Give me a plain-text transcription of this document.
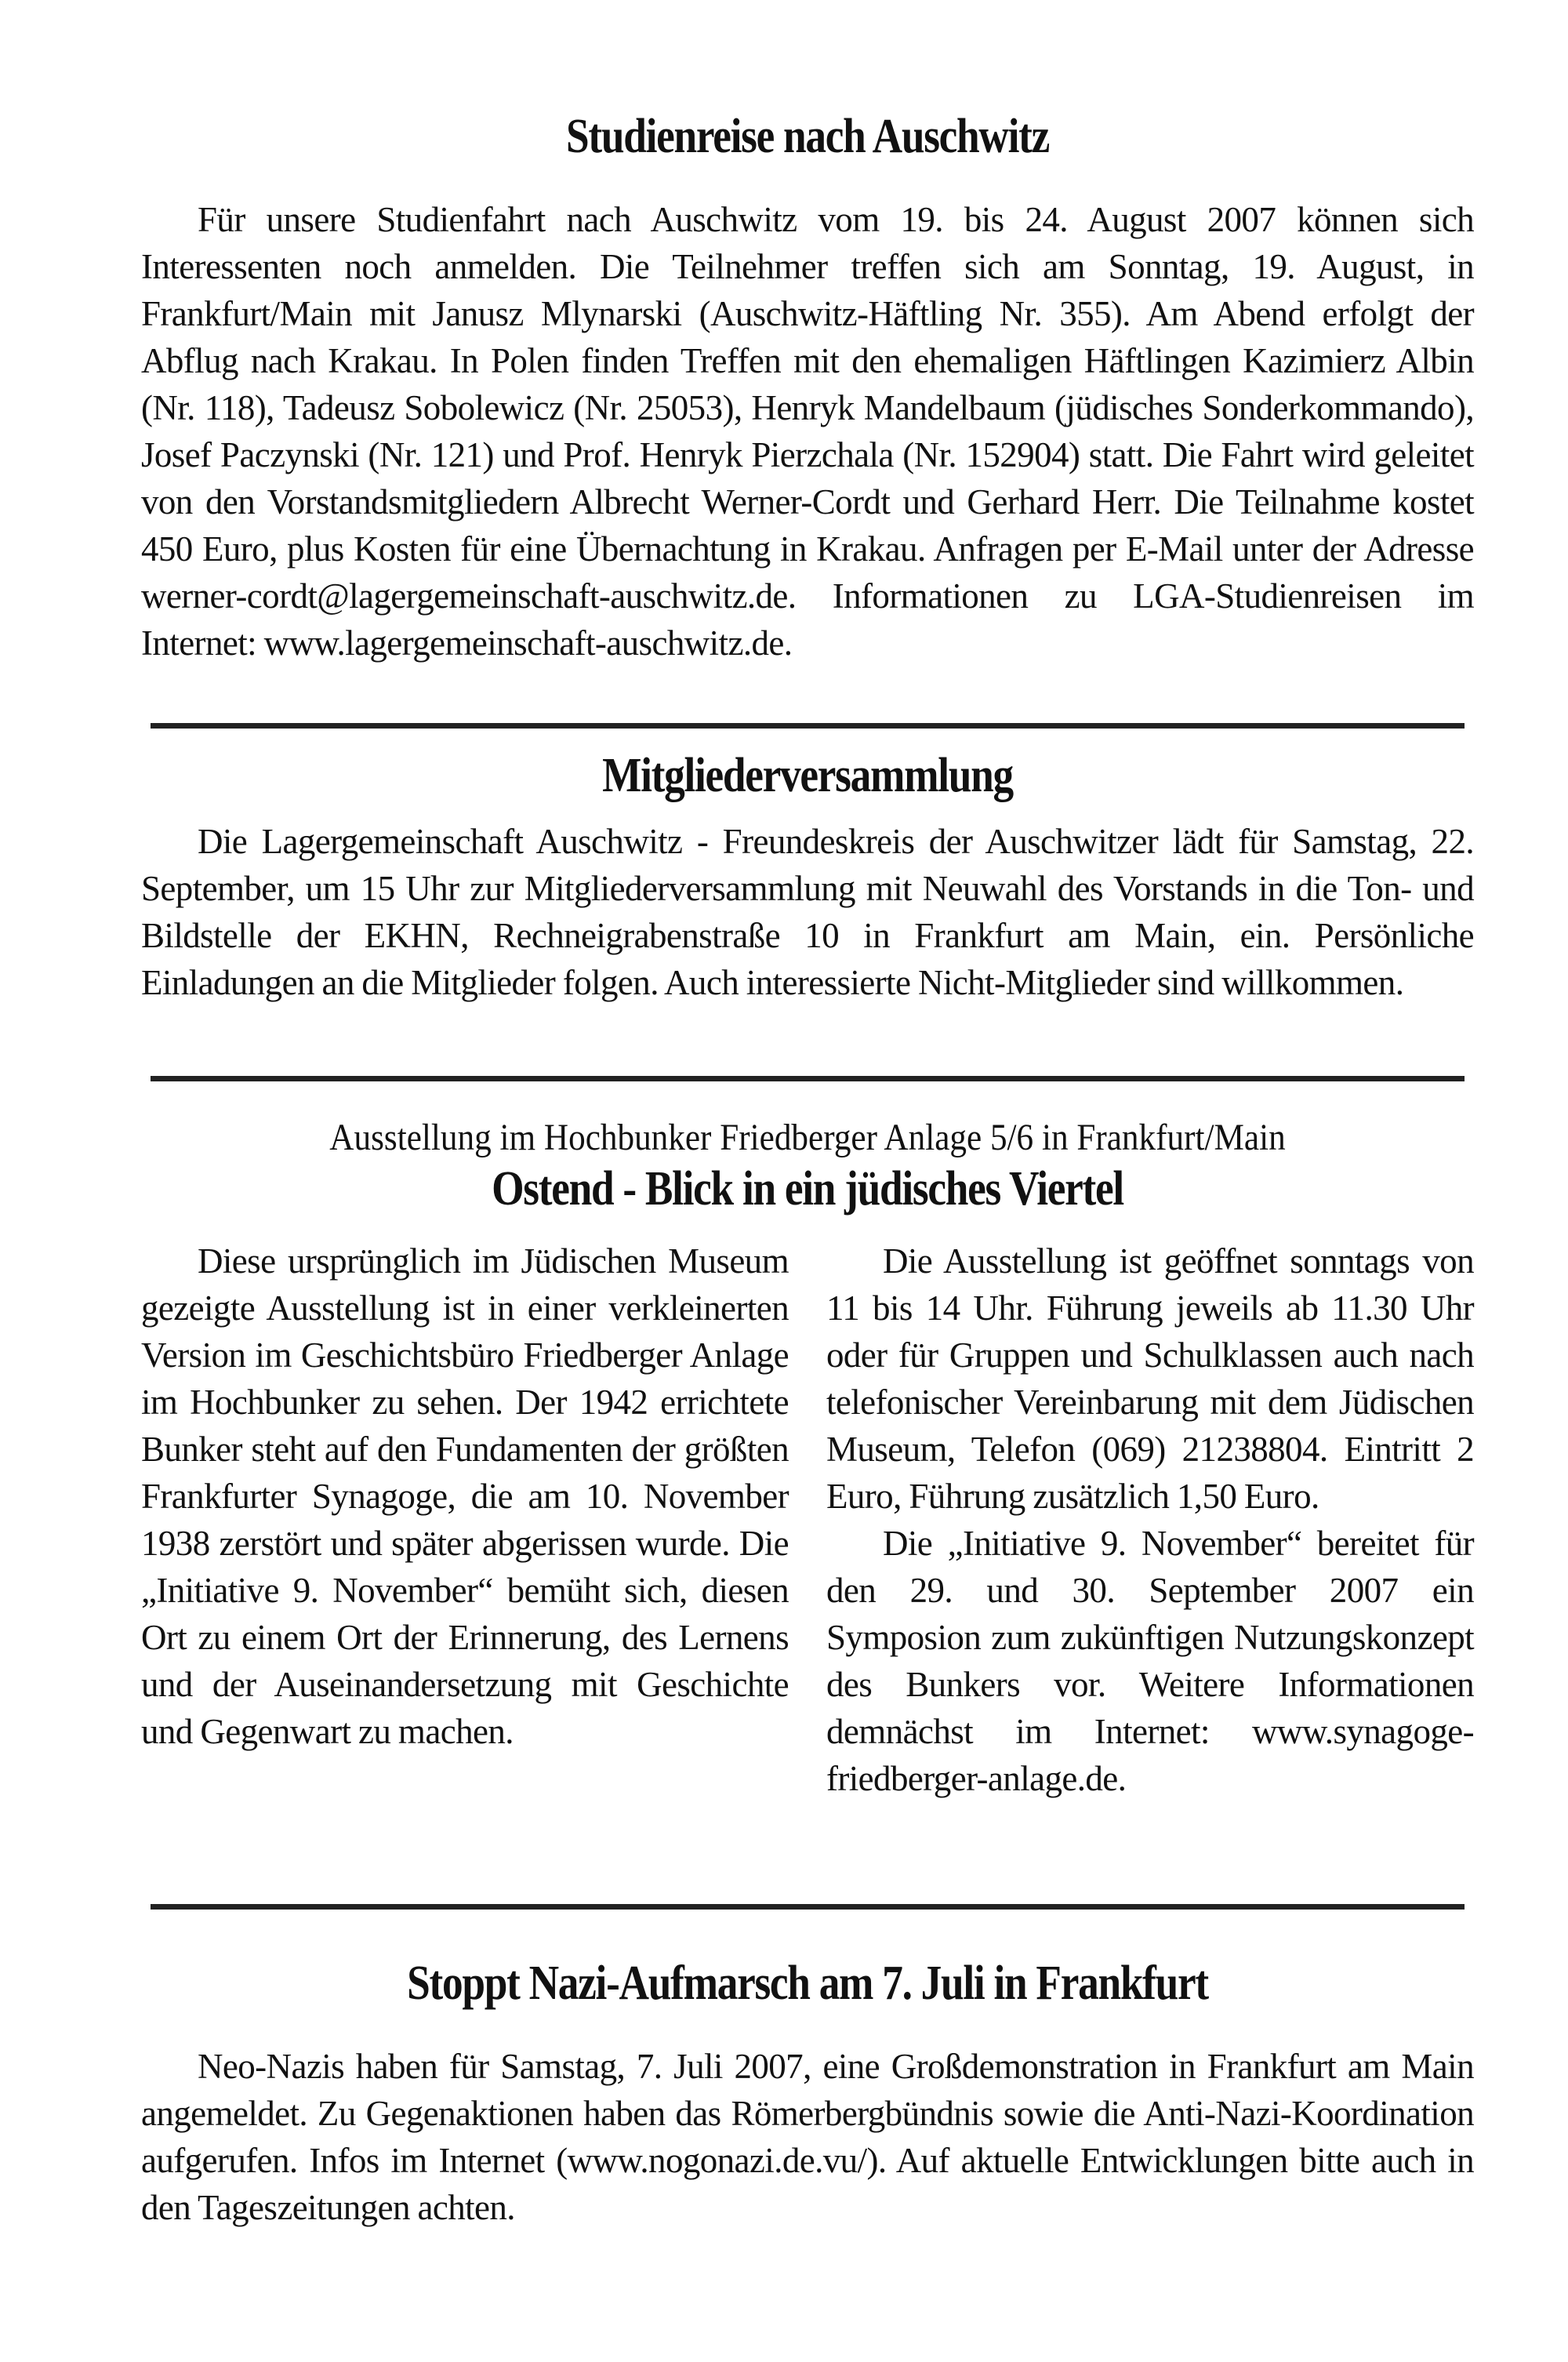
Studienreise nach Auschwitz

Für unsere Studienfahrt nach Auschwitz vom 19. bis 24. August 2007 können sich Interessenten noch anmelden. Die Teilnehmer treffen sich am Sonntag, 19. August, in Frankfurt/Main mit Janusz Mlynarski (Auschwitz-Häftling Nr. 355). Am Abend erfolgt der Abflug nach Krakau. In Polen finden Treffen mit den ehemaligen Häftlingen Kazimierz Albin (Nr. 118), Tadeusz Sobolewicz (Nr. 25053), Henryk Mandelbaum (jüdisches Sonderkommando), Josef Paczynski (Nr. 121) und Prof. Henryk Pierzchala (Nr. 152904) statt. Die Fahrt wird geleitet von den Vorstandsmitgliedern Albrecht Werner-Cordt und Gerhard Herr. Die Teilnahme kostet 450 Euro, plus Kosten für eine Übernachtung in Krakau. Anfragen per E-Mail unter der Adresse werner-cordt@lagergemeinschaft-auschwitz.de. Informationen zu LGA-Studienreisen im Internet: www.lagergemeinschaft-auschwitz.de.

Mitgliederversammlung

Die Lagergemeinschaft Auschwitz - Freundeskreis der Auschwitzer lädt für Samstag, 22. September, um 15 Uhr zur Mitgliederversammlung mit Neuwahl des Vorstands in die Ton- und Bildstelle der EKHN, Rechneigrabenstraße 10 in Frankfurt am Main, ein. Persönliche Einladungen an die Mitglieder folgen. Auch interessierte Nicht-Mitglieder sind willkommen.

Ausstellung im Hochbunker Friedberger Anlage 5/6 in Frankfurt/Main
Ostend - Blick in ein jüdisches Viertel

Diese ursprünglich im Jüdischen Museum gezeigte Ausstellung ist in einer verkleinerten Version im Geschichtsbüro Friedberger Anlage im Hochbunker zu sehen. Der 1942 errichtete Bunker steht auf den Fundamenten der größten Frankfurter Synagoge, die am 10. November 1938 zerstört und später abgerissen wurde. Die „Initiative 9. November“ bemüht sich, diesen Ort zu einem Ort der Erinnerung, des Lernens und der Auseinandersetzung mit Geschichte und Gegenwart zu machen.

Die Ausstellung ist geöffnet sonntags von 11 bis 14 Uhr. Führung jeweils ab 11.30 Uhr oder für Gruppen und Schulklassen auch nach telefonischer Vereinbarung mit dem Jüdischen Museum, Telefon (069) 21238804. Eintritt 2 Euro, Führung zusätzlich 1,50 Euro.

Die „Initiative 9. November“ bereitet für den 29. und 30. September 2007 ein Symposion zum zukünftigen Nutzungskonzept des Bunkers vor. Weitere Informationen demnächst im Internet: www.synagoge-friedberger-anlage.de.

Stoppt Nazi-Aufmarsch am 7. Juli in Frankfurt

Neo-Nazis haben für Samstag, 7. Juli 2007, eine Großdemonstration in Frankfurt am Main angemeldet. Zu Gegenaktionen haben das Römerbergbündnis sowie die Anti-Nazi-Koordination aufgerufen. Infos im Internet (www.nogonazi.de.vu/). Auf aktuelle Entwicklungen bitte auch in den Tageszeitungen achten.
